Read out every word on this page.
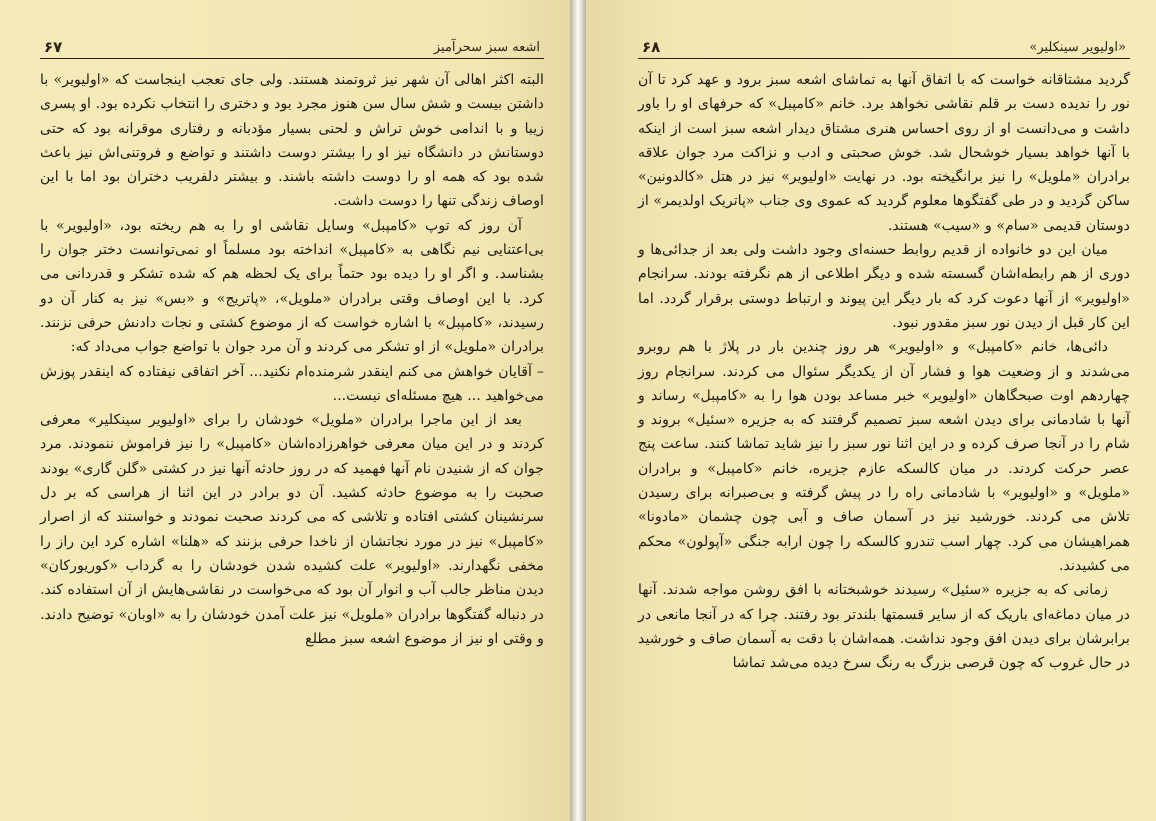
اشعه سبز سحرآمیز
۶۷

البته اکثر اهالی آن شهر نیز ثروتمند هستند. ولی جای تعجب اینجاست که «اولیویر» با داشتن بیست و شش سال سن هنوز مجرد بود و دختری را انتخاب نکرده بود. او پسری زیبا و با اندامی خوش تراش و لحنی بسیار مؤدبانه و رفتاری موقرانه بود که حتی دوستانش در دانشگاه نیز او را بیشتر دوست داشتند و تواضع و فروتنی‌اش نیز باعث شده بود که همه او را دوست داشته باشند. و بیشتر دلفریب دختران بود اما با این اوصاف زندگی تنها را دوست داشت.

آن روز که توپ «کامپبل» وسایل نقاشی او را به هم ریخته بود، «اولیویر» با بی‌اعتنایی نیم نگاهی به «کامپبل» انداخته بود مسلماً او نمی‌توانست دختر جوان را بشناسد. و اگر او را دیده بود حتماً برای یک لحظه هم که شده تشکر و قدردانی می کرد. با این اوصاف وقتی برادران «ملویل»، «پاتریج» و «بس» نیز به کنار آن دو رسیدند، «کامپبل» با اشاره خواست که از موضوع کشتی و نجات دادنش حرفی نزنند. برادران «ملویل» از او تشکر می کردند و آن مرد جوان با تواضع جواب می‌داد که:

– آقایان خواهش می کنم اینقدر شرمنده‌ام نکنید... آخر اتفاقی نیفتاده که اینقدر پوزش می‌خواهید ... هیچ مسئله‌ای نیست...

بعد از این ماجرا برادران «ملویل» خودشان را برای «اولیویر سینکلیر» معرفی کردند و در این میان معرفی خواهرزاده‌اشان «کامپبل» را نیز فراموش ننمودند. مرد جوان که از شنیدن نام آنها فهمید که در روز حادثه آنها نیز در کشتی «گلن گاری» بودند صحبت را به موضوع حادثه کشید. آن دو برادر در این اثنا از هراسی که بر دل سرنشینان کشتی افتاده و تلاشی که می کردند صحبت نمودند و خواستند که از اصرار «کامپبل» نیز در مورد نجاتشان از ناخدا حرفی بزنند که «هلنا» اشاره کرد این راز را مخفی نگهدارند. «اولیویر» علت کشیده شدن خودشان را به گرداب «کوریورکان» دیدن مناظر جالب آب و انوار آن بود که می‌خواست در نقاشی‌هایش از آن استفاده کند. در دنباله گفتگوها برادران «ملویل» نیز علت آمدن خودشان را به «اوبان» توضیح دادند. و وقتی او نیز از موضوع اشعه سبز مطلع

«اولیویر سینکلیر»
۶۸

گردید مشتاقانه خواست که با اتفاق آنها به تماشای اشعه سبز برود و عهد کرد تا آن نور را ندیده دست بر قلم نقاشی نخواهد برد. خانم «کامپبل» که حرفهای او را باور داشت و می‌دانست او از روی احساس هنری مشتاق دیدار اشعه سبز است از اینکه با آنها خواهد بسیار خوشحال شد. خوش صحبتی و ادب و نزاکت مرد جوان علاقه برادران «ملویل» را نیز برانگیخته بود. در نهایت «اولیویر» نیز در هتل «کالدونین» ساکن گردید و در طی گفتگوها معلوم گردید که عموی وی جناب «پاتریک اولدیمر» از دوستان قدیمی «سام» و «سیب» هستند.

میان این دو خانواده از قدیم روابط حسنه‌ای وجود داشت ولی بعد از جدائی‌ها و دوری از هم رابطه‌اشان گسسته شده و دیگر اطلاعی از هم نگرفته بودند. سرانجام «اولیویر» از آنها دعوت کرد که بار دیگر این پیوند و ارتباط دوستی برقرار گردد. اما این کار قبل از دیدن نور سبز مقدور نبود.

دائی‌ها، خانم «کامپبل» و «اولیویر» هر روز چندین بار در پلاژ با هم روبرو می‌شدند و از وضعیت هوا و فشار آن از یکدیگر سئوال می کردند. سرانجام روز چهاردهم اوت صبحگاهان «اولیویر» خبر مساعد بودن هوا را به «کامپبل» رساند و آنها با شادمانی برای دیدن اشعه سبز تصمیم گرفتند که به جزیره «سئیل» بروند و شام را در آنجا صرف کرده و در این اثنا نور سبز را نیز شاید تماشا کنند. ساعت پنج عصر حرکت کردند. در میان کالسکه عازم جزیره، خانم «کامپبل» و برادران «ملویل» و «اولیویر» با شادمانی راه را در پیش گرفته و بی‌صبرانه برای رسیدن تلاش می کردند. خورشید نیز در آسمان صاف و آبی چون چشمان «مادونا» همراهیشان می کرد. چهار اسب تندرو کالسکه را چون ارابه جنگی «آپولون» محکم می کشیدند.

زمانی که به جزیره «سئیل» رسیدند خوشبختانه با افق روشن مواجه شدند. آنها در میان دماغه‌ای باریک که از سایر قسمتها بلندتر بود رفتند. چرا که در آنجا مانعی در برابرشان برای دیدن افق وجود نداشت. همه‌اشان با دقت به آسمان صاف و خورشید در حال غروب که چون قرصی بزرگ به رنگ سرخ دیده می‌شد تماشا
